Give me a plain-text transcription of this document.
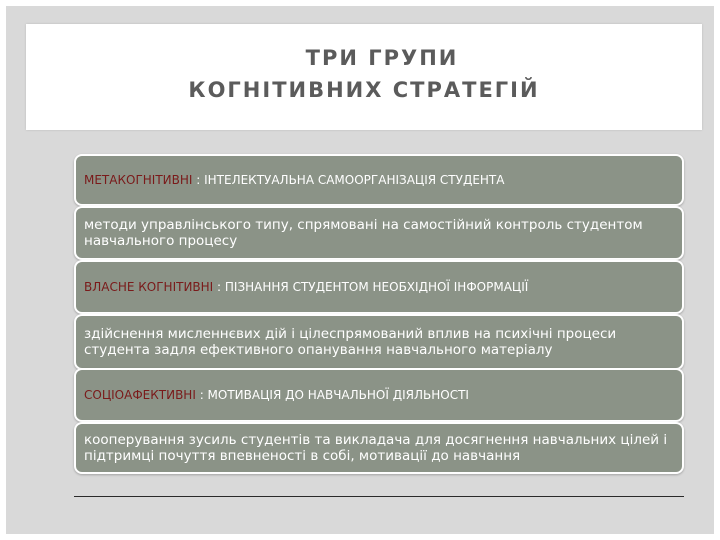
ТРИ ГРУПИ
КОГНІТИВНИХ СТРАТЕГІЙ
МЕТАКОГНІТИВНІ : ІНТЕЛЕКТУАЛЬНА САМООРГАНІЗАЦІЯ СТУДЕНТА
методи управлінського типу, спрямовані на самостійний контроль студентом навчального процесу
ВЛАСНЕ КОГНІТИВНІ : ПІЗНАННЯ СТУДЕНТОМ НЕОБХІДНОЇ ІНФОРМАЦІЇ
здійснення мисленнєвих дій і цілеспрямований вплив на психічні процеси студента задля ефективного опанування навчального матеріалу
СОЦІОАФЕКТИВНІ : МОТИВАЦІЯ ДО НАВЧАЛЬНОЇ ДІЯЛЬНОСТІ
кооперування зусиль студентів та викладача для досягнення навчальних цілей і підтримці почуття впевненості в собі, мотивації до навчання
